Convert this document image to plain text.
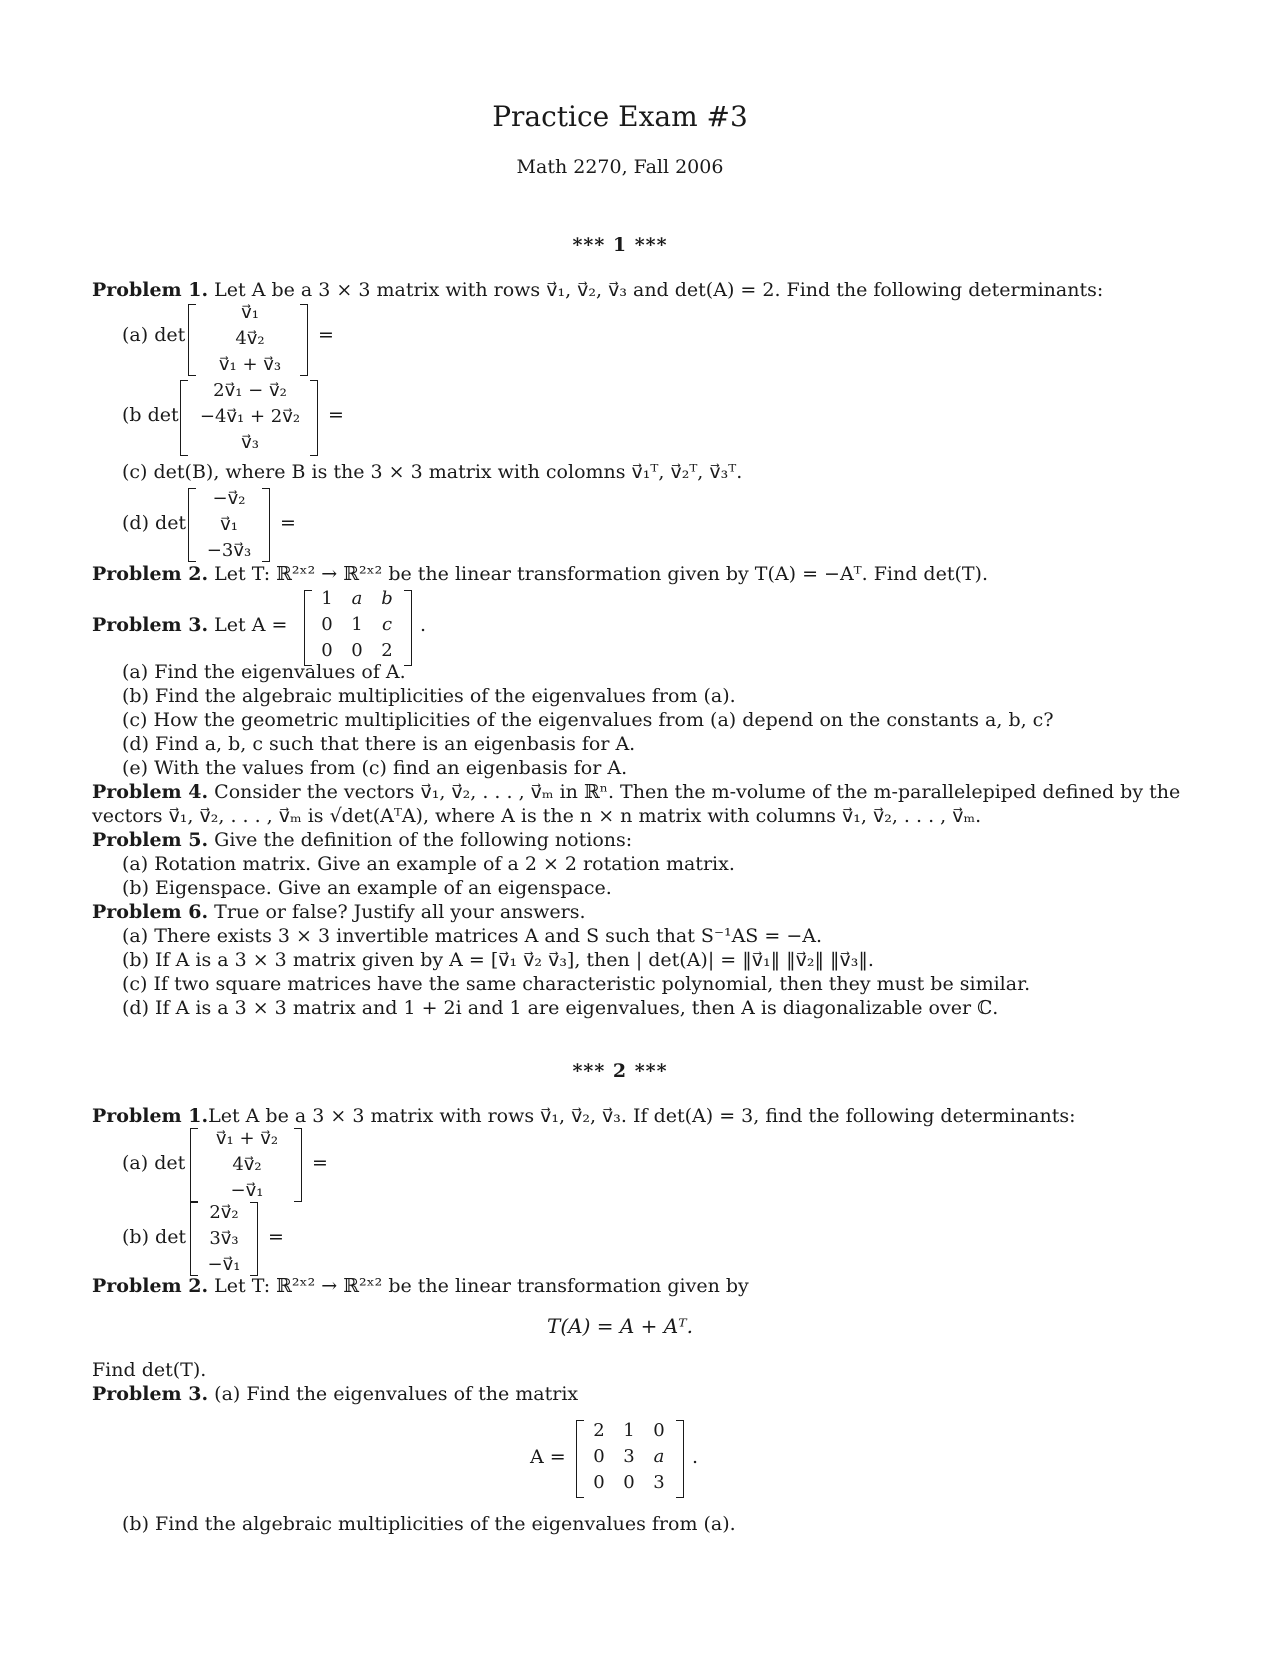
Practice Exam #3
Math 2270, Fall 2006
*** 1 ***
Problem 1. Let A be a 3 × 3 matrix with rows v⃗₁, v⃗₂, v⃗₃ and det(A) = 2. Find the following determinants:
(a) det
v⃗₁
4v⃗₂
v⃗₁ + v⃗₃
=
(b det
2v⃗₁ − v⃗₂
−4v⃗₁ + 2v⃗₂
v⃗₃
=
(c) det(B), where B is the 3 × 3 matrix with colomns v⃗₁ᵀ, v⃗₂ᵀ, v⃗₃ᵀ.
(d) det
−v⃗₂
v⃗₁
−3v⃗₃
=
Problem 2. Let T: ℝ²ˣ² → ℝ²ˣ² be the linear transformation given by T(A) = −Aᵀ. Find det(T).
Problem 3. Let A =
1	a	b
0	1	c
0	0	2
.
(a) Find the eigenvalues of A.
(b) Find the algebraic multiplicities of the eigenvalues from (a).
(c) How the geometric multiplicities of the eigenvalues from (a) depend on the constants a, b, c?
(d) Find a, b, c such that there is an eigenbasis for A.
(e) With the values from (c) find an eigenbasis for A.
Problem 4. Consider the vectors v⃗₁, v⃗₂, . . . , v⃗ₘ in ℝⁿ. Then the m-volume of the m-parallelepiped defined by the
vectors v⃗₁, v⃗₂, . . . , v⃗ₘ is √det(AᵀA), where A is the n × n matrix with columns v⃗₁, v⃗₂, . . . , v⃗ₘ.
Problem 5. Give the definition of the following notions:
(a) Rotation matrix. Give an example of a 2 × 2 rotation matrix.
(b) Eigenspace. Give an example of an eigenspace.
Problem 6. True or false? Justify all your answers.
(a) There exists 3 × 3 invertible matrices A and S such that S⁻¹AS = −A.
(b) If A is a 3 × 3 matrix given by A = [v⃗₁ v⃗₂ v⃗₃], then | det(A)| = ‖v⃗₁‖ ‖v⃗₂‖ ‖v⃗₃‖.
(c) If two square matrices have the same characteristic polynomial, then they must be similar.
(d) If A is a 3 × 3 matrix and 1 + 2i and 1 are eigenvalues, then A is diagonalizable over ℂ.
*** 2 ***
Problem 1.Let A be a 3 × 3 matrix with rows v⃗₁, v⃗₂, v⃗₃. If det(A) = 3, find the following determinants:
(a) det
v⃗₁ + v⃗₂
4v⃗₂
−v⃗₁
=
(b) det
2v⃗₂
3v⃗₃
−v⃗₁
=
Problem 2. Let T: ℝ²ˣ² → ℝ²ˣ² be the linear transformation given by
T(A) = A + Aᵀ.
Find det(T).
Problem 3. (a) Find the eigenvalues of the matrix
A =
2	1	0
0	3	a
0	0	3
.
(b) Find the algebraic multiplicities of the eigenvalues from (a).
